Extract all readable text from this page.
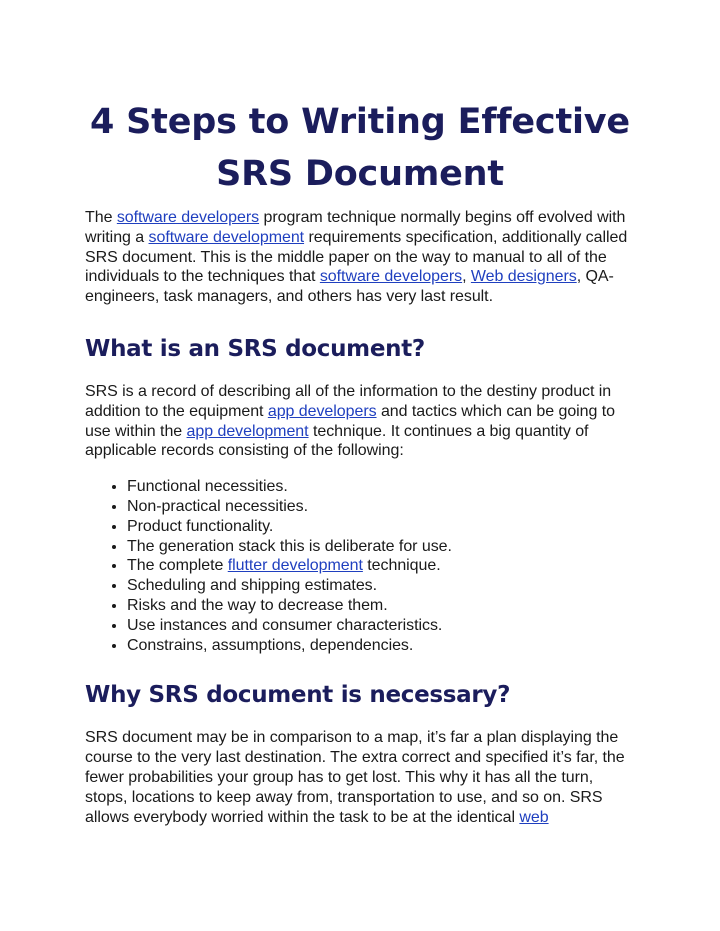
4 Steps to Writing Effective SRS Document

The software developers program technique normally begins off evolved with writing a software development requirements specification, additionally called SRS document. This is the middle paper on the way to manual to all of the individuals to the techniques that software developers, Web designers, QA-engineers, task managers, and others has very last result.

What is an SRS document?

SRS is a record of describing all of the information to the destiny product in addition to the equipment app developers and tactics which can be going to use within the app development technique. It continues a big quantity of applicable records consisting of the following:

• Functional necessities.
• Non-practical necessities.
• Product functionality.
• The generation stack this is deliberate for use.
• The complete flutter development technique.
• Scheduling and shipping estimates.
• Risks and the way to decrease them.
• Use instances and consumer characteristics.
• Constrains, assumptions, dependencies.
Why SRS document is necessary?

SRS document may be in comparison to a map, it’s far a plan displaying the course to the very last destination. The extra correct and specified it’s far, the fewer probabilities your group has to get lost. This why it has all the turn, stops, locations to keep away from, transportation to use, and so on. SRS allows everybody worried within the task to be at the identical web
